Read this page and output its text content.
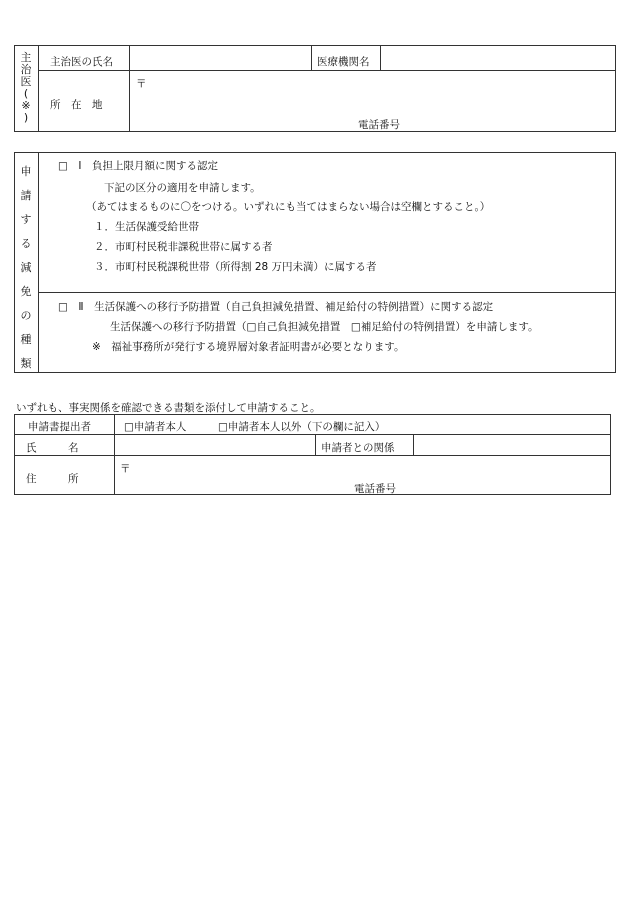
主
治
医
(
※
)
主治医の氏名	医療機関名
所　在　地
〒
電話番号
申
請
す
る
減
免
の
種
類
□　Ⅰ　負担上限月額に関する認定
下記の区分の適用を申請します。
（あてはまるものに〇をつける。いずれにも当てはまらない場合は空欄とすること。）
１．生活保護受給世帯
２．市町村民税非課税世帯に属する者
３．市町村民税課税世帯（所得割 28 万円未満）に属する者
□　Ⅱ　生活保護への移行予防措置（自己負担減免措置、補足給付の特例措置）に関する認定
生活保護への移行予防措置（□自己負担減免措置　□補足給付の特例措置）を申請します。
※　福祉事務所が発行する境界層対象者証明書が必要となります。
いずれも、事実関係を確認できる書類を添付して申請すること。
申請書提出者	□申請者本人	□申請者本人以外（下の欄に記入）
氏　　　名	申請者との関係
住　　　所
〒
電話番号
